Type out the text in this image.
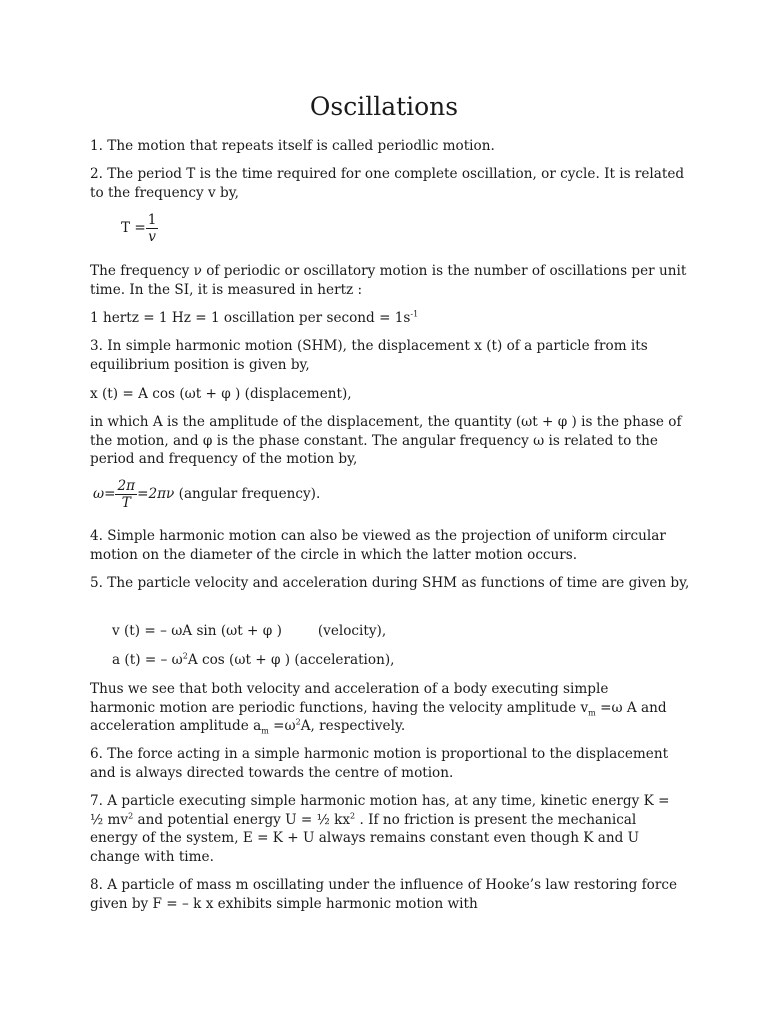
Oscillations

1. The motion that repeats itself is called periodlic motion.

2. The period T is the time required for one complete oscillation, or cycle. It is related to the frequency v by,

$T = \frac{1}{v}$

The frequency ν of periodic or oscillatory motion is the number of oscillations per unit time. In the SI, it is measured in hertz :

1 hertz = 1 Hz = 1 oscillation per second = $1s^{-1}$

3. In simple harmonic motion (SHM), the displacement x (t) of a particle from its equilibrium position is given by,

x (t) = A cos (ωt + φ ) (displacement),

in which A is the amplitude of the displacement, the quantity (ωt + φ ) is the phase of the motion, and φ is the phase constant. The angular frequency ω is related to the period and frequency of the motion by,

$\omega= \frac{2\pi}{T} =2\pi\nu$ (angular frequency).

4. Simple harmonic motion can also be viewed as the projection of uniform circular motion on the diameter of the circle in which the latter motion occurs.

5. The particle velocity and acceleration during SHM as functions of time are given by,

v (t) = – ωA sin (ωt + φ )	(velocity),
a (t) = – $\omega^2A$ cos (ωt + φ ) (acceleration),
Thus we see that both velocity and acceleration of a body executing simple
harmonic motion are periodic functions, having the velocity amplitude $v_m =\omega$ A and
acceleration amplitude $a_m =\omega^2A$, respectively.

6. The force acting in a simple harmonic motion is proportional to the displacement and is always directed towards the centre of motion.

7. A particle executing simple harmonic motion has, at any time, kinetic energy K =
½ $mv^2$ and potential energy U = ½ $kx^2$ . If no friction is present the mechanical
energy of the system, E = K + U always remains constant even though K and U
change with time.

8. A particle of mass m oscillating under the influence of Hooke’s law restoring force given by F = – k x exhibits simple harmonic motion with
